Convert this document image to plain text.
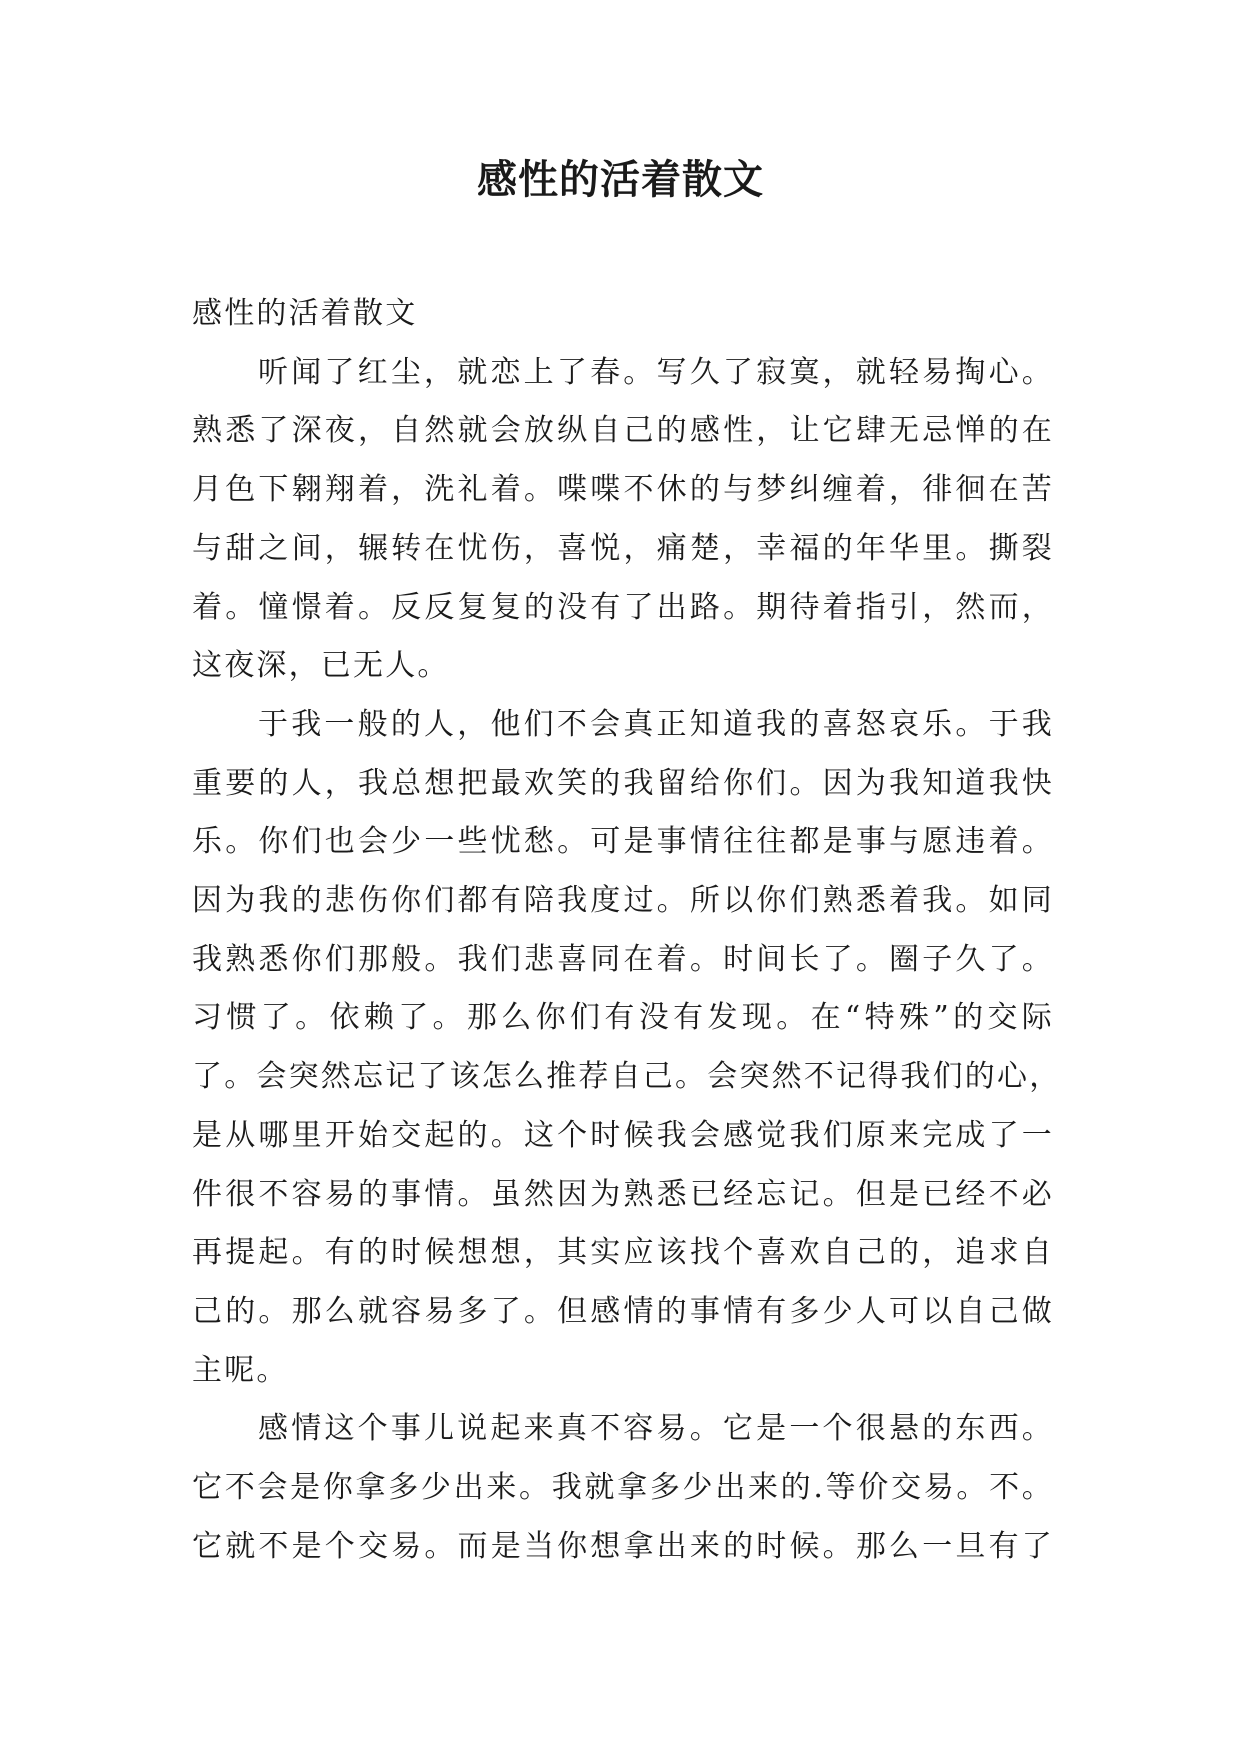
感性的活着散文

感性的活着散文

听闻了红尘，就恋上了春。写久了寂寞，就轻易掏心。
熟悉了深夜，自然就会放纵自己的感性，让它肆无忌惮的在
月色下翱翔着，洗礼着。喋喋不休的与梦纠缠着，徘徊在苦
与甜之间，辗转在忧伤，喜悦，痛楚，幸福的年华里。撕裂
着。憧憬着。反反复复的没有了出路。期待着指引，然而，
这夜深，已无人。
于我一般的人，他们不会真正知道我的喜怒哀乐。于我
重要的人，我总想把最欢笑的我留给你们。因为我知道我快
乐。你们也会少一些忧愁。可是事情往往都是事与愿违着。
因为我的悲伤你们都有陪我度过。所以你们熟悉着我。如同
我熟悉你们那般。我们悲喜同在着。时间长了。圈子久了。
习惯了。依赖了。那么你们有没有发现。在“特殊”的交际
了。会突然忘记了该怎么推荐自己。会突然不记得我们的心，
是从哪里开始交起的。这个时候我会感觉我们原来完成了一
件很不容易的事情。虽然因为熟悉已经忘记。但是已经不必
再提起。有的时候想想，其实应该找个喜欢自己的，追求自
己的。那么就容易多了。但感情的事情有多少人可以自己做
主呢。
感情这个事儿说起来真不容易。它是一个很悬的东西。
它不会是你拿多少出来。我就拿多少出来的.等价交易。不。
它就不是个交易。而是当你想拿出来的时候。那么一旦有了
